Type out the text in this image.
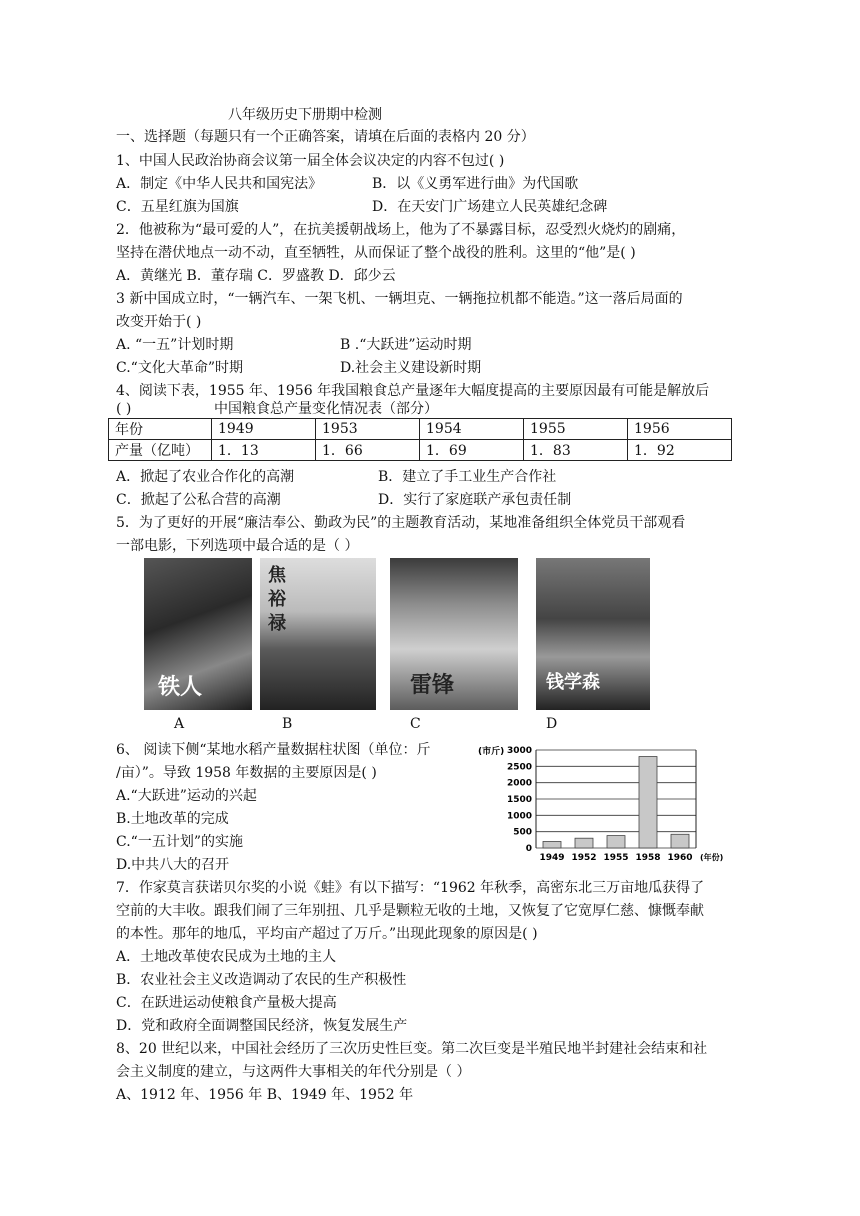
八年级历史下册期中检测
一、选择题（每题只有一个正确答案，请填在后面的表格内 20 分）
1、中国人民政治协商会议第一届全体会议决定的内容不包过( )
A．制定《中华人民共和国宪法》	B．以《义勇军进行曲》为代国歌
C．五星红旗为国旗	D．在天安门广场建立人民英雄纪念碑
2．他被称为“最可爱的人”，在抗美援朝战场上，他为了不暴露目标，忍受烈火烧灼的剧痛，
坚持在潜伏地点一动不动，直至牺牲，从而保证了整个战役的胜利。这里的“他”是( )
A．黄继光 B．董存瑞 C．罗盛教 D．邱少云
3 新中国成立时，“一辆汽车、一架飞机、一辆坦克、一辆拖拉机都不能造。”这一落后局面的
改变开始于( )
A. “一五”计划时期	B .“大跃进”运动时期
C.“文化大革命”时期	D.社会主义建设新时期
4、阅读下表，1955 年、1956 年我国粮食总产量逐年大幅度提高的主要原因最有可能是解放后
( )	中国粮食总产量变化情况表（部分）
年份	1949	1953	1954	1955	1956
产量（亿吨）	1．13	1．66	1．69	1．83	1．92
A．掀起了农业合作化的高潮	B．建立了手工业生产合作社
C．掀起了公私合营的高潮	D．实行了家庭联产承包责任制
5．为了更好的开展“廉洁奉公、勤政为民”的主题教育活动，某地准备组织全体党员干部观看
一部电影，下列选项中最合适的是（ ）
铁人
焦裕禄
雷锋	钱学森
A	B	C	D
6、 阅读下侧“某地水稻产量数据柱状图（单位：斤
/亩）”。导致 1958 年数据的主要原因是( )
A.“大跃进”运动的兴起
B.土地改革的完成
C.“一五计划”的实施
D.中共八大的召开
(市斤)
0
500
1000
1500
2000
2500
3000
1949 1952 1955 1958 1960 (年份)
7．作家莫言获诺贝尔奖的小说《蛙》有以下描写：“1962 年秋季，高密东北三万亩地瓜获得了
空前的大丰收。跟我们闹了三年别扭、几乎是颗粒无收的土地，又恢复了它宽厚仁慈、慷慨奉献
的本性。那年的地瓜，平均亩产超过了万斤。”出现此现象的原因是( )
A．土地改革使农民成为土地的主人
B．农业社会主义改造调动了农民的生产积极性
C．在跃进运动使粮食产量极大提高
D．党和政府全面调整国民经济，恢复发展生产
8、20 世纪以来，中国社会经历了三次历史性巨变。第二次巨变是半殖民地半封建社会结束和社
会主义制度的建立，与这两件大事相关的年代分别是（ ）
A、1912 年、1956 年 B、1949 年、1952 年
